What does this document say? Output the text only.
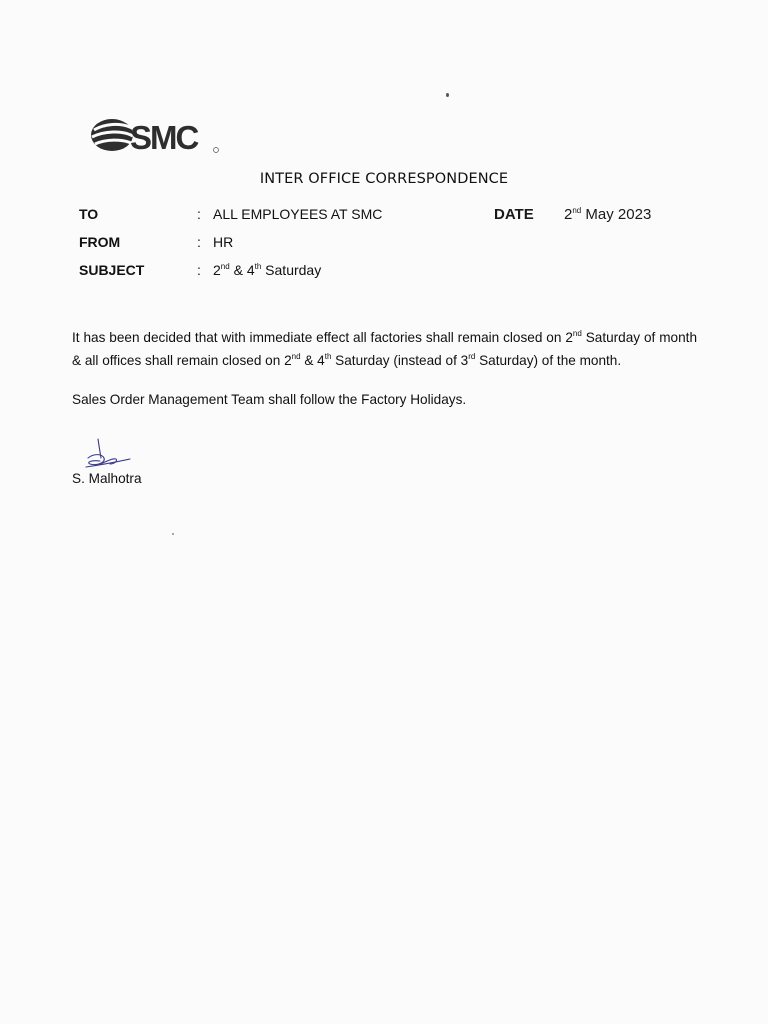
SMC
INTER OFFICE CORRESPONDENCE
TO	: ALL EMPLOYEES AT SMC
FROM	: HR
SUBJECT	: 2nd & 4th Saturday
DATE 2nd May 2023
It has been decided that with immediate effect all factories shall remain closed on 2nd Saturday of month & all offices shall remain closed on 2nd & 4th Saturday (instead of 3rd Saturday) of the month.
Sales Order Management Team shall follow the Factory Holidays.
S. Malhotra
